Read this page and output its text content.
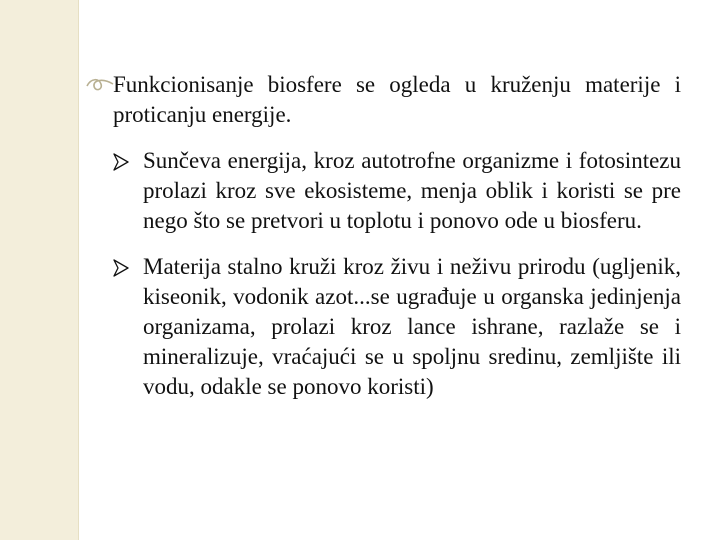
Funkcionisanje biosfere se ogleda u kruženju materije i proticanju energije.

Sunčeva energija, kroz autotrofne organizme i fotosintezu prolazi kroz sve ekosisteme, menja oblik i koristi se pre nego što se pretvori u toplotu i ponovo ode u biosferu.

Materija stalno kruži kroz živu i neživu prirodu (ugljenik, kiseonik, vodonik azot...se ugrađuje u organska jedinjenja organizama, prolazi kroz lance ishrane, razlaže se i mineralizuje, vraćajući se u spoljnu sredinu, zemljište ili vodu, odakle se ponovo koristi)
